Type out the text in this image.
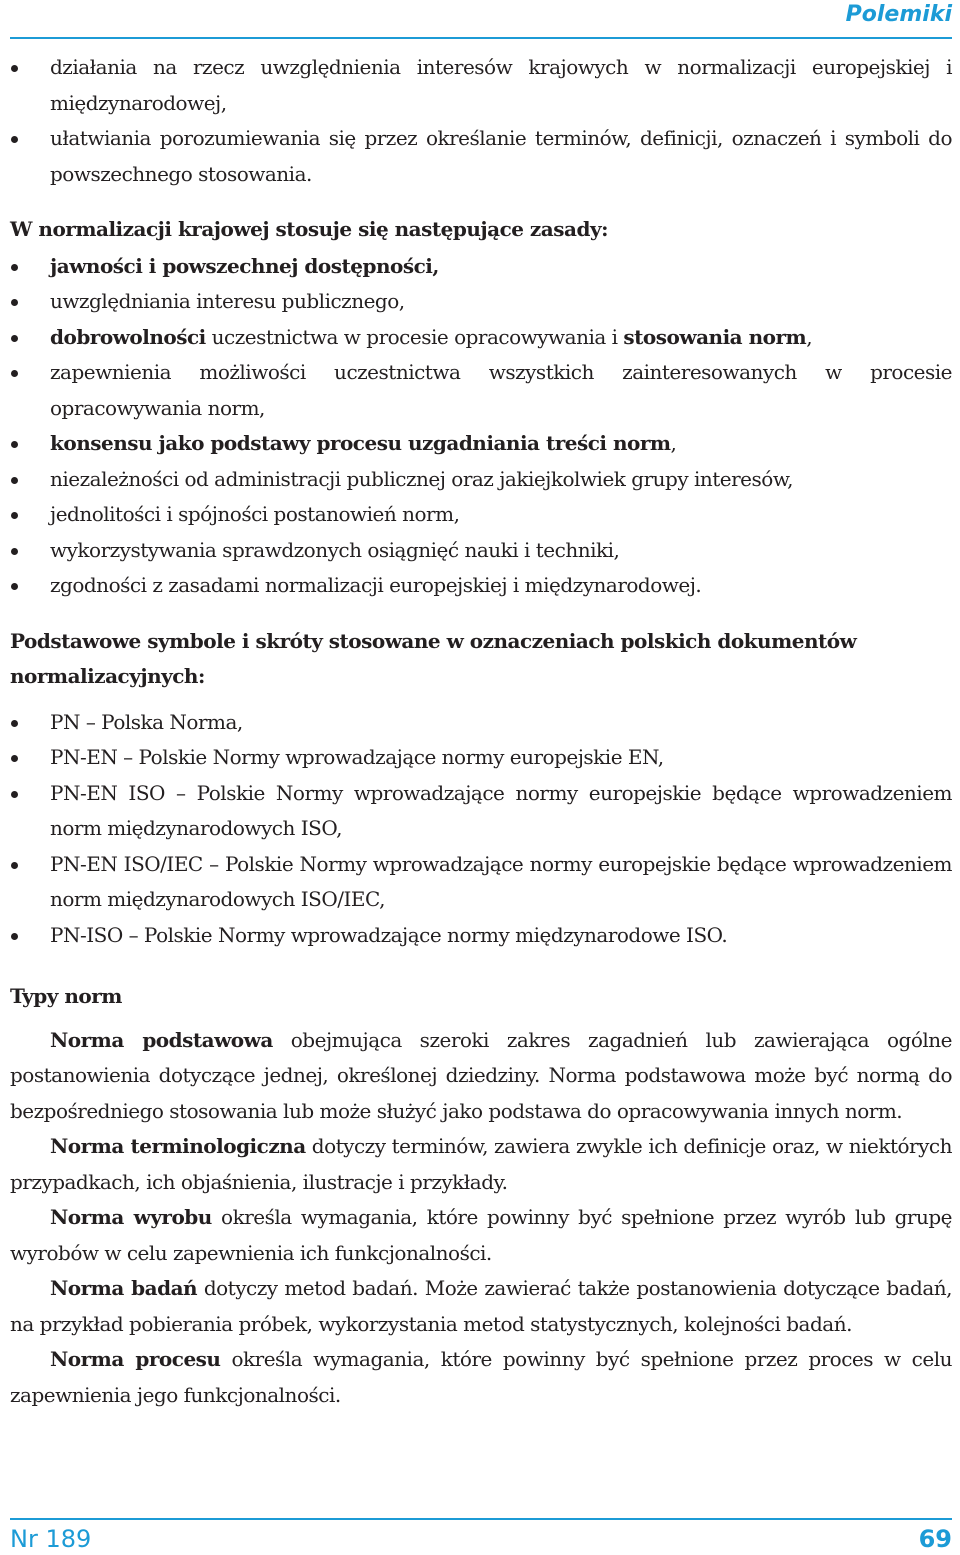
Polemiki
działania na rzecz uwzględnienia interesów krajowych w normalizacji europejskiej i międzynarodowej,
ułatwiania porozumiewania się przez określanie terminów, definicji, oznaczeń i symboli do powszechnego stosowania.
W normalizacji krajowej stosuje się następujące zasady:
jawności i powszechnej dostępności,
uwzględniania interesu publicznego,
dobrowolności uczestnictwa w procesie opracowywania i stosowania norm,
zapewnienia możliwości uczestnictwa wszystkich zainteresowanych w procesie opracowywania norm,
konsensu jako podstawy procesu uzgadniania treści norm,
niezależności od administracji publicznej oraz jakiejkolwiek grupy interesów,
jednolitości i spójności postanowień norm,
wykorzystywania sprawdzonych osiągnięć nauki i techniki,
zgodności z zasadami normalizacji europejskiej i międzynarodowej.
Podstawowe symbole i skróty stosowane w oznaczeniach polskich dokumentów normalizacyjnych:
PN – Polska Norma,
PN-EN – Polskie Normy wprowadzające normy europejskie EN,
PN-EN ISO – Polskie Normy wprowadzające normy europejskie będące wprowadzeniem norm międzynarodowych ISO,
PN-EN ISO/IEC – Polskie Normy wprowadzające normy europejskie będące wprowadzeniem norm międzynarodowych ISO/IEC,
PN-ISO – Polskie Normy wprowadzające normy międzynarodowe ISO.
Typy norm

Norma podstawowa obejmująca szeroki zakres zagadnień lub zawierająca ogólne postanowienia dotyczące jednej, określonej dziedziny. Norma podstawowa może być normą do bezpośredniego stosowania lub może służyć jako podstawa do opracowywania innych norm.

Norma terminologiczna dotyczy terminów, zawiera zwykle ich definicje oraz, w niektórych przypadkach, ich objaśnienia, ilustracje i przykłady.

Norma wyrobu określa wymagania, które powinny być spełnione przez wyrób lub grupę wyrobów w celu zapewnienia ich funkcjonalności.

Norma badań dotyczy metod badań. Może zawierać także postanowienia dotyczące badań, na przykład pobierania próbek, wykorzystania metod statystycznych, kolejności badań.

Norma procesu określa wymagania, które powinny być spełnione przez proces w celu zapewnienia jego funkcjonalności.

Nr 189	69
